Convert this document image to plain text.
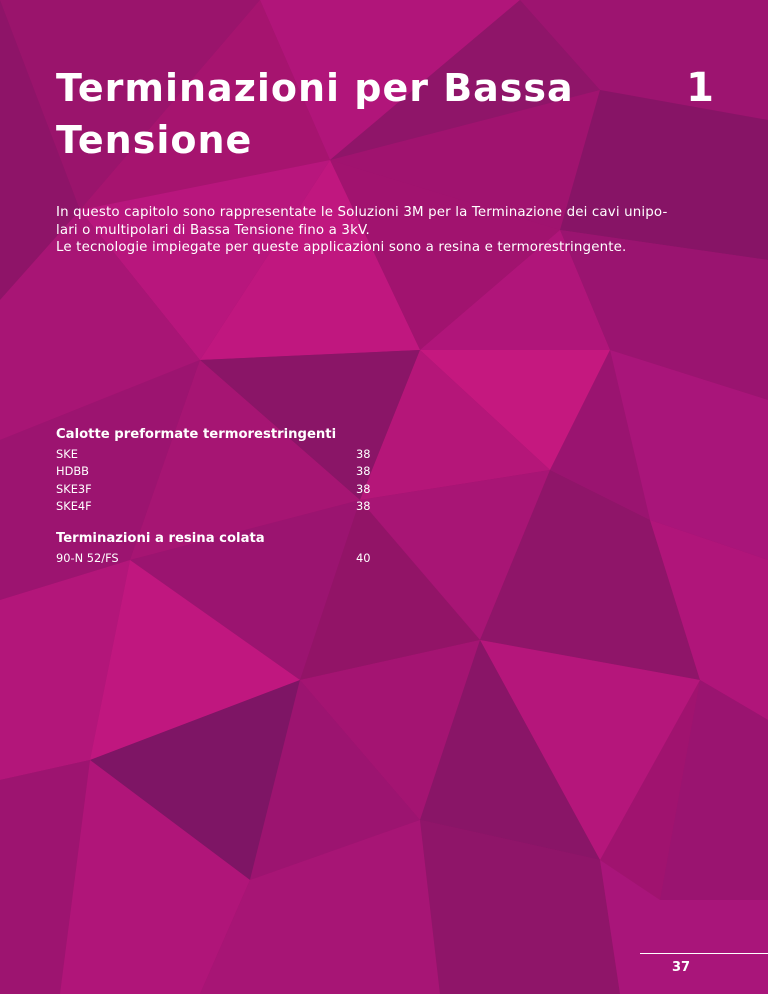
Terminazioni per Bassa Tensione
1

In questo capitolo sono rappresentate le Soluzioni 3M per la Terminazione dei cavi unipo-

lari o multipolari di Bassa Tensione fino a 3kV.

Le tecnologie impiegate per queste applicazioni sono a resina e termorestringente.

Calotte preformate termorestringenti
SKE	38
HDBB	38
SKE3F	38
SKE4F	38
Terminazioni a resina colata
90-N 52/FS	40
37
